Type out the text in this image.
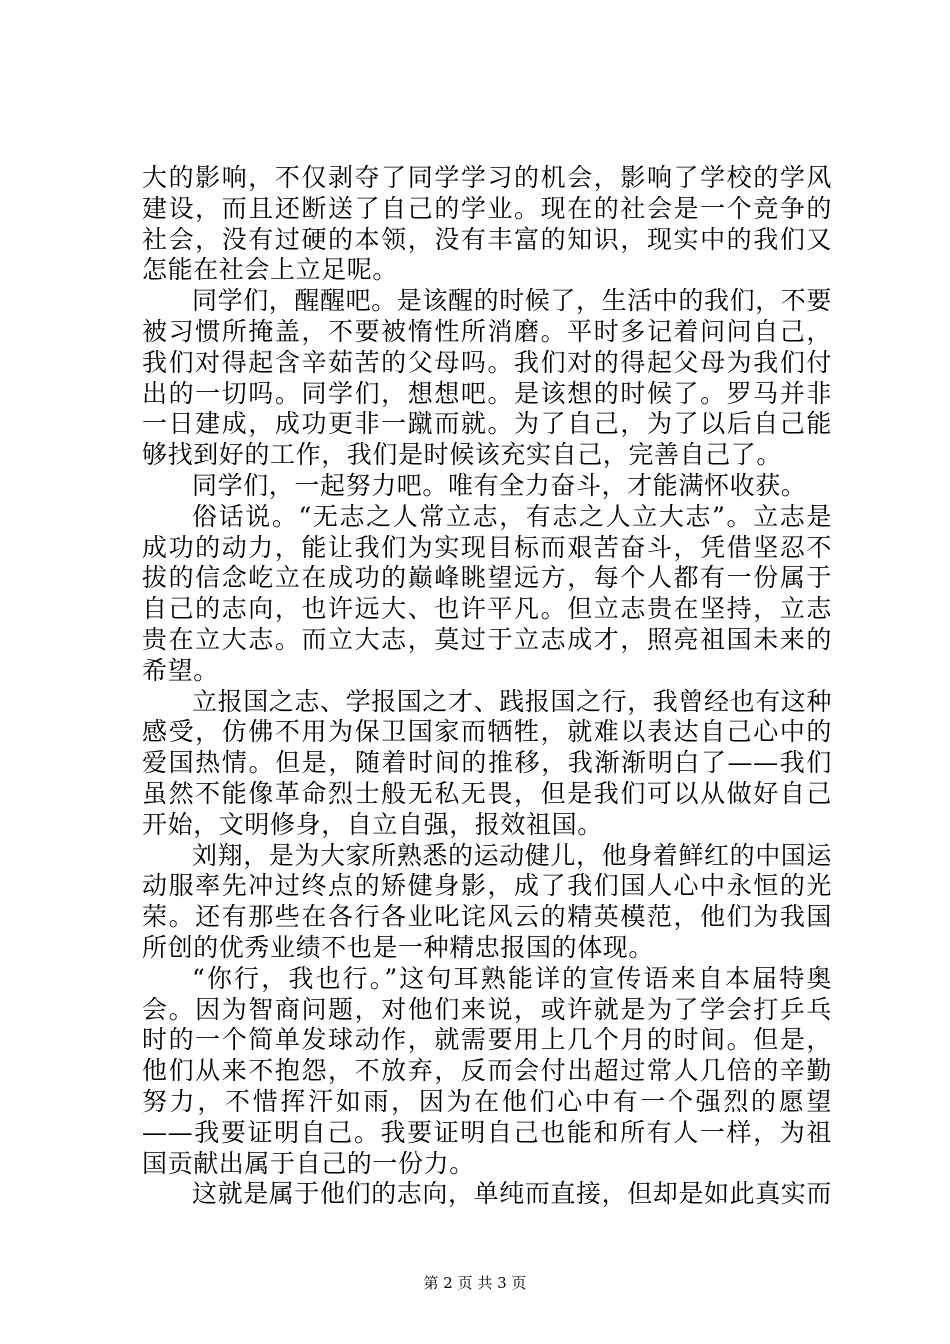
大的影响，不仅剥夺了同学学习的机会，影响了学校的学风建设，而且还断送了自己的学业。现在的社会是一个竞争的社会，没有过硬的本领，没有丰富的知识，现实中的我们又怎能在社会上立足呢。

同学们，醒醒吧。是该醒的时候了，生活中的我们，不要被习惯所掩盖，不要被惰性所消磨。平时多记着问问自己，我们对得起含辛茹苦的父母吗。我们对的得起父母为我们付出的一切吗。同学们，想想吧。是该想的时候了。罗马并非一日建成，成功更非一蹴而就。为了自己，为了以后自己能够找到好的工作，我们是时候该充实自己，完善自己了。

同学们，一起努力吧。唯有全力奋斗，才能满怀收获。

俗话说。“无志之人常立志，有志之人立大志”。立志是成功的动力，能让我们为实现目标而艰苦奋斗，凭借坚忍不拔的信念屹立在成功的巅峰眺望远方，每个人都有一份属于自己的志向，也许远大、也许平凡。但立志贵在坚持，立志贵在立大志。而立大志，莫过于立志成才，照亮祖国未来的希望。

立报国之志、学报国之才、践报国之行，我曾经也有这种感受，仿佛不用为保卫国家而牺牲，就难以表达自己心中的爱国热情。但是，随着时间的推移，我渐渐明白了——我们虽然不能像革命烈士般无私无畏，但是我们可以从做好自己开始，文明修身，自立自强，报效祖国。

刘翔，是为大家所熟悉的运动健儿，他身着鲜红的中国运动服率先冲过终点的矫健身影，成了我们国人心中永恒的光荣。还有那些在各行各业叱诧风云的精英模范，他们为我国所创的优秀业绩不也是一种精忠报国的体现。

“你行，我也行。”这句耳熟能详的宣传语来自本届特奥会。因为智商问题，对他们来说，或许就是为了学会打乒乓时的一个简单发球动作，就需要用上几个月的时间。但是，他们从来不抱怨，不放弃，反而会付出超过常人几倍的辛勤努力，不惜挥汗如雨，因为在他们心中有一个强烈的愿望——我要证明自己。我要证明自己也能和所有人一样，为祖国贡献出属于自己的一份力。

这就是属于他们的志向，单纯而直接，但却是如此真实而

第 2 页 共 3 页
